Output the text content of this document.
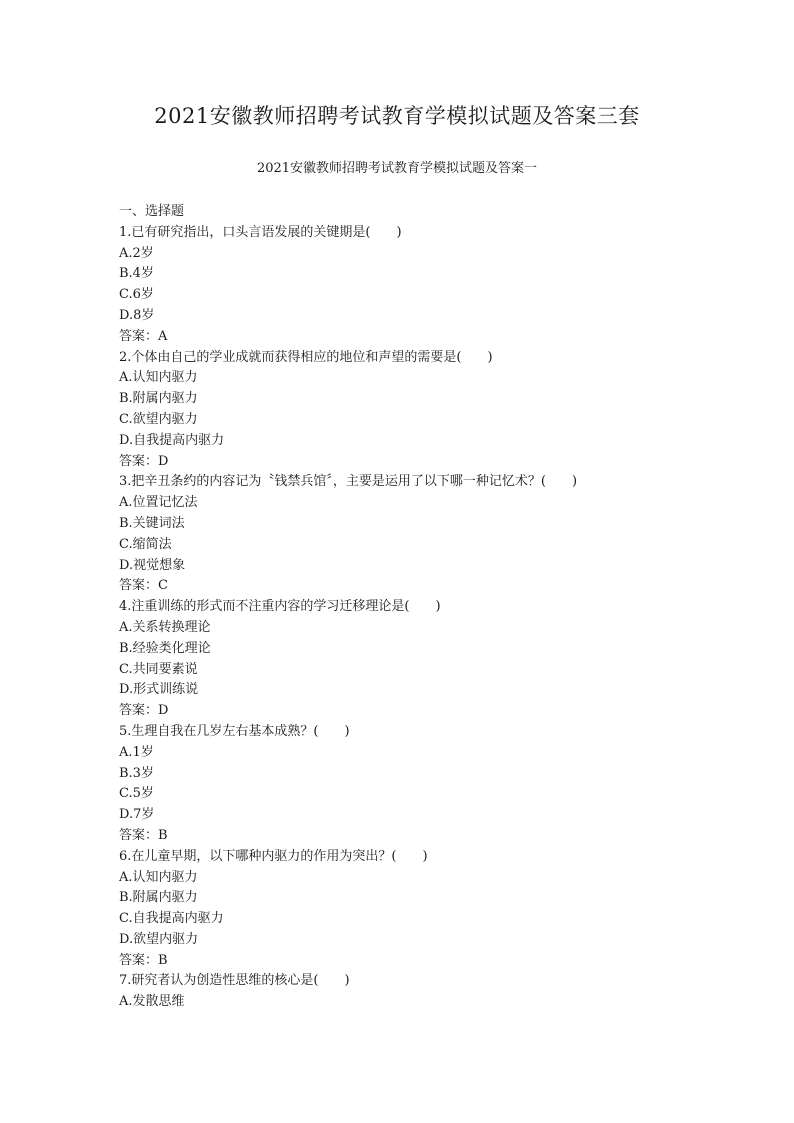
2021安徽教师招聘考试教育学模拟试题及答案三套
2021安徽教师招聘考试教育学模拟试题及答案一
一、选择题
1.已有研究指出，口头言语发展的关键期是(　　)
A.2岁
B.4岁
C.6岁
D.8岁
答案：A
2.个体由自己的学业成就而获得相应的地位和声望的需要是(　　)
A.认知内驱力
B.附属内驱力
C.欲望内驱力
D.自我提高内驱力
答案：D
3.把辛丑条约的内容记为〝钱禁兵馆〞，主要是运用了以下哪一种记忆术？(　　)
A.位置记忆法
B.关键词法
C.缩简法
D.视觉想象
答案：C
4.注重训练的形式而不注重内容的学习迁移理论是(　　)
A.关系转换理论
B.经验类化理论
C.共同要素说
D.形式训练说
答案：D
5.生理自我在几岁左右基本成熟？(　　)
A.1岁
B.3岁
C.5岁
D.7岁
答案：B
6.在儿童早期，以下哪种内驱力的作用为突出？(　　)
A.认知内驱力
B.附属内驱力
C.自我提高内驱力
D.欲望内驱力
答案：B
7.研究者认为创造性思维的核心是(　　)
A.发散思维
